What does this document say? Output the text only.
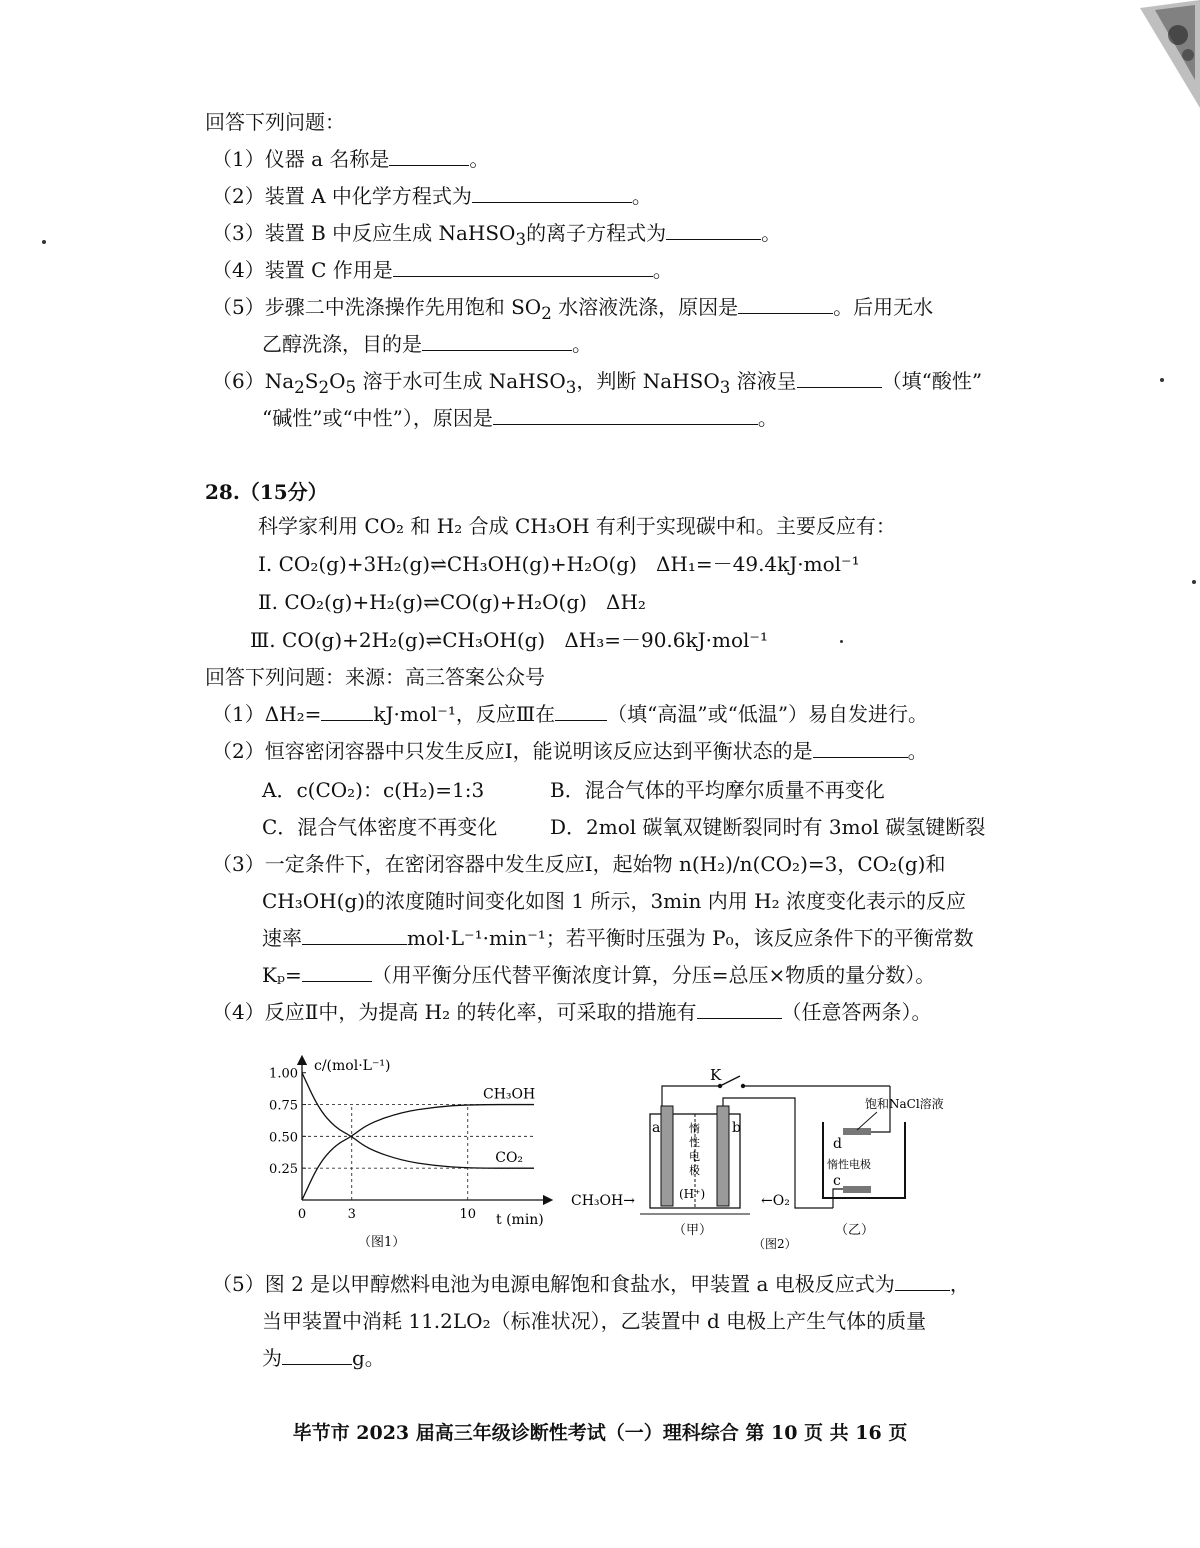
回答下列问题：
（1）仪器 a 名称是	。
（2）装置 A 中化学方程式为	。
（3）装置 B 中反应生成 NaHSO$_3$的离子方程式为	。
（4）装置 C 作用是	。
（5）步骤二中洗涤操作先用饱和 $SO_2$ 水溶液洗涤，原因是	。后用无水
乙醇洗涤，目的是	。
$(6)Na_2S_2O_5$ 溶于水可生成 NaHSO$_3$，判断 NaHSO$_3$ 溶液呈	（填“酸性”
“碱性”或“中性”），原因是	。
28.（15分）
科学家利用 CO₂ 和 H₂ 合成 CH₃OH 有利于实现碳中和。主要反应有：
Ⅰ. CO₂(g)+3H₂(g)⇌CH₃OH(g)+H₂O(g) ΔH₁=－49.4kJ·mol⁻¹
Ⅱ. CO₂(g)+H₂(g)⇌CO(g)+H₂O(g) ΔH₂
Ⅲ. CO(g)+2H₂(g)⇌CH₃OH(g) ΔH₃=－90.6kJ·mol⁻¹
回答下列问题：来源：高三答案公众号
（1）ΔH₂=	kJ·mol⁻¹，反应Ⅲ在	（填“高温”或“低温”）易自发进行。
（2）恒容密闭容器中只发生反应Ⅰ，能说明该反应达到平衡状态的是	。
A．c(CO₂)：c(H₂)=1:3	B．混合气体的平均摩尔质量不再变化
C．混合气体密度不再变化	D．2mol 碳氧双键断裂同时有 3mol 碳氢键断裂
（3）一定条件下，在密闭容器中发生反应Ⅰ，起始物 n(H₂)/n(CO₂)=3，CO₂(g)和
CH₃OH(g)的浓度随时间变化如图 1 所示，3min 内用 H₂ 浓度变化表示的反应
速率	mol·L⁻¹·min⁻¹；若平衡时压强为 P₀，该反应条件下的平衡常数
Kₚ=	（用平衡分压代替平衡浓度计算，分压=总压×物质的量分数）。
（4）反应Ⅱ中，为提高 H₂ 的转化率，可采取的措施有	（任意答两条）。
c/(mol·L⁻¹)
t (min)
1.00
0.75
0.50
0.25
0	3	10
CH₃OH
CO₂
（图1）
K
a	b
惰性电极
(H⁺)
CH₃OH→	←O₂
d
c
惰性电极
饱和NaCl溶液
（甲）
（图2）
（乙）
（5）图 2 是以甲醇燃料电池为电源电解饱和食盐水，甲装置 a 电极反应式为	，
当甲装置中消耗 11.2LO₂（标准状况），乙装置中 d 电极上产生气体的质量
为	g。
毕节市 2023 届高三年级诊断性考试（一）理科综合 第 10 页 共 16 页
